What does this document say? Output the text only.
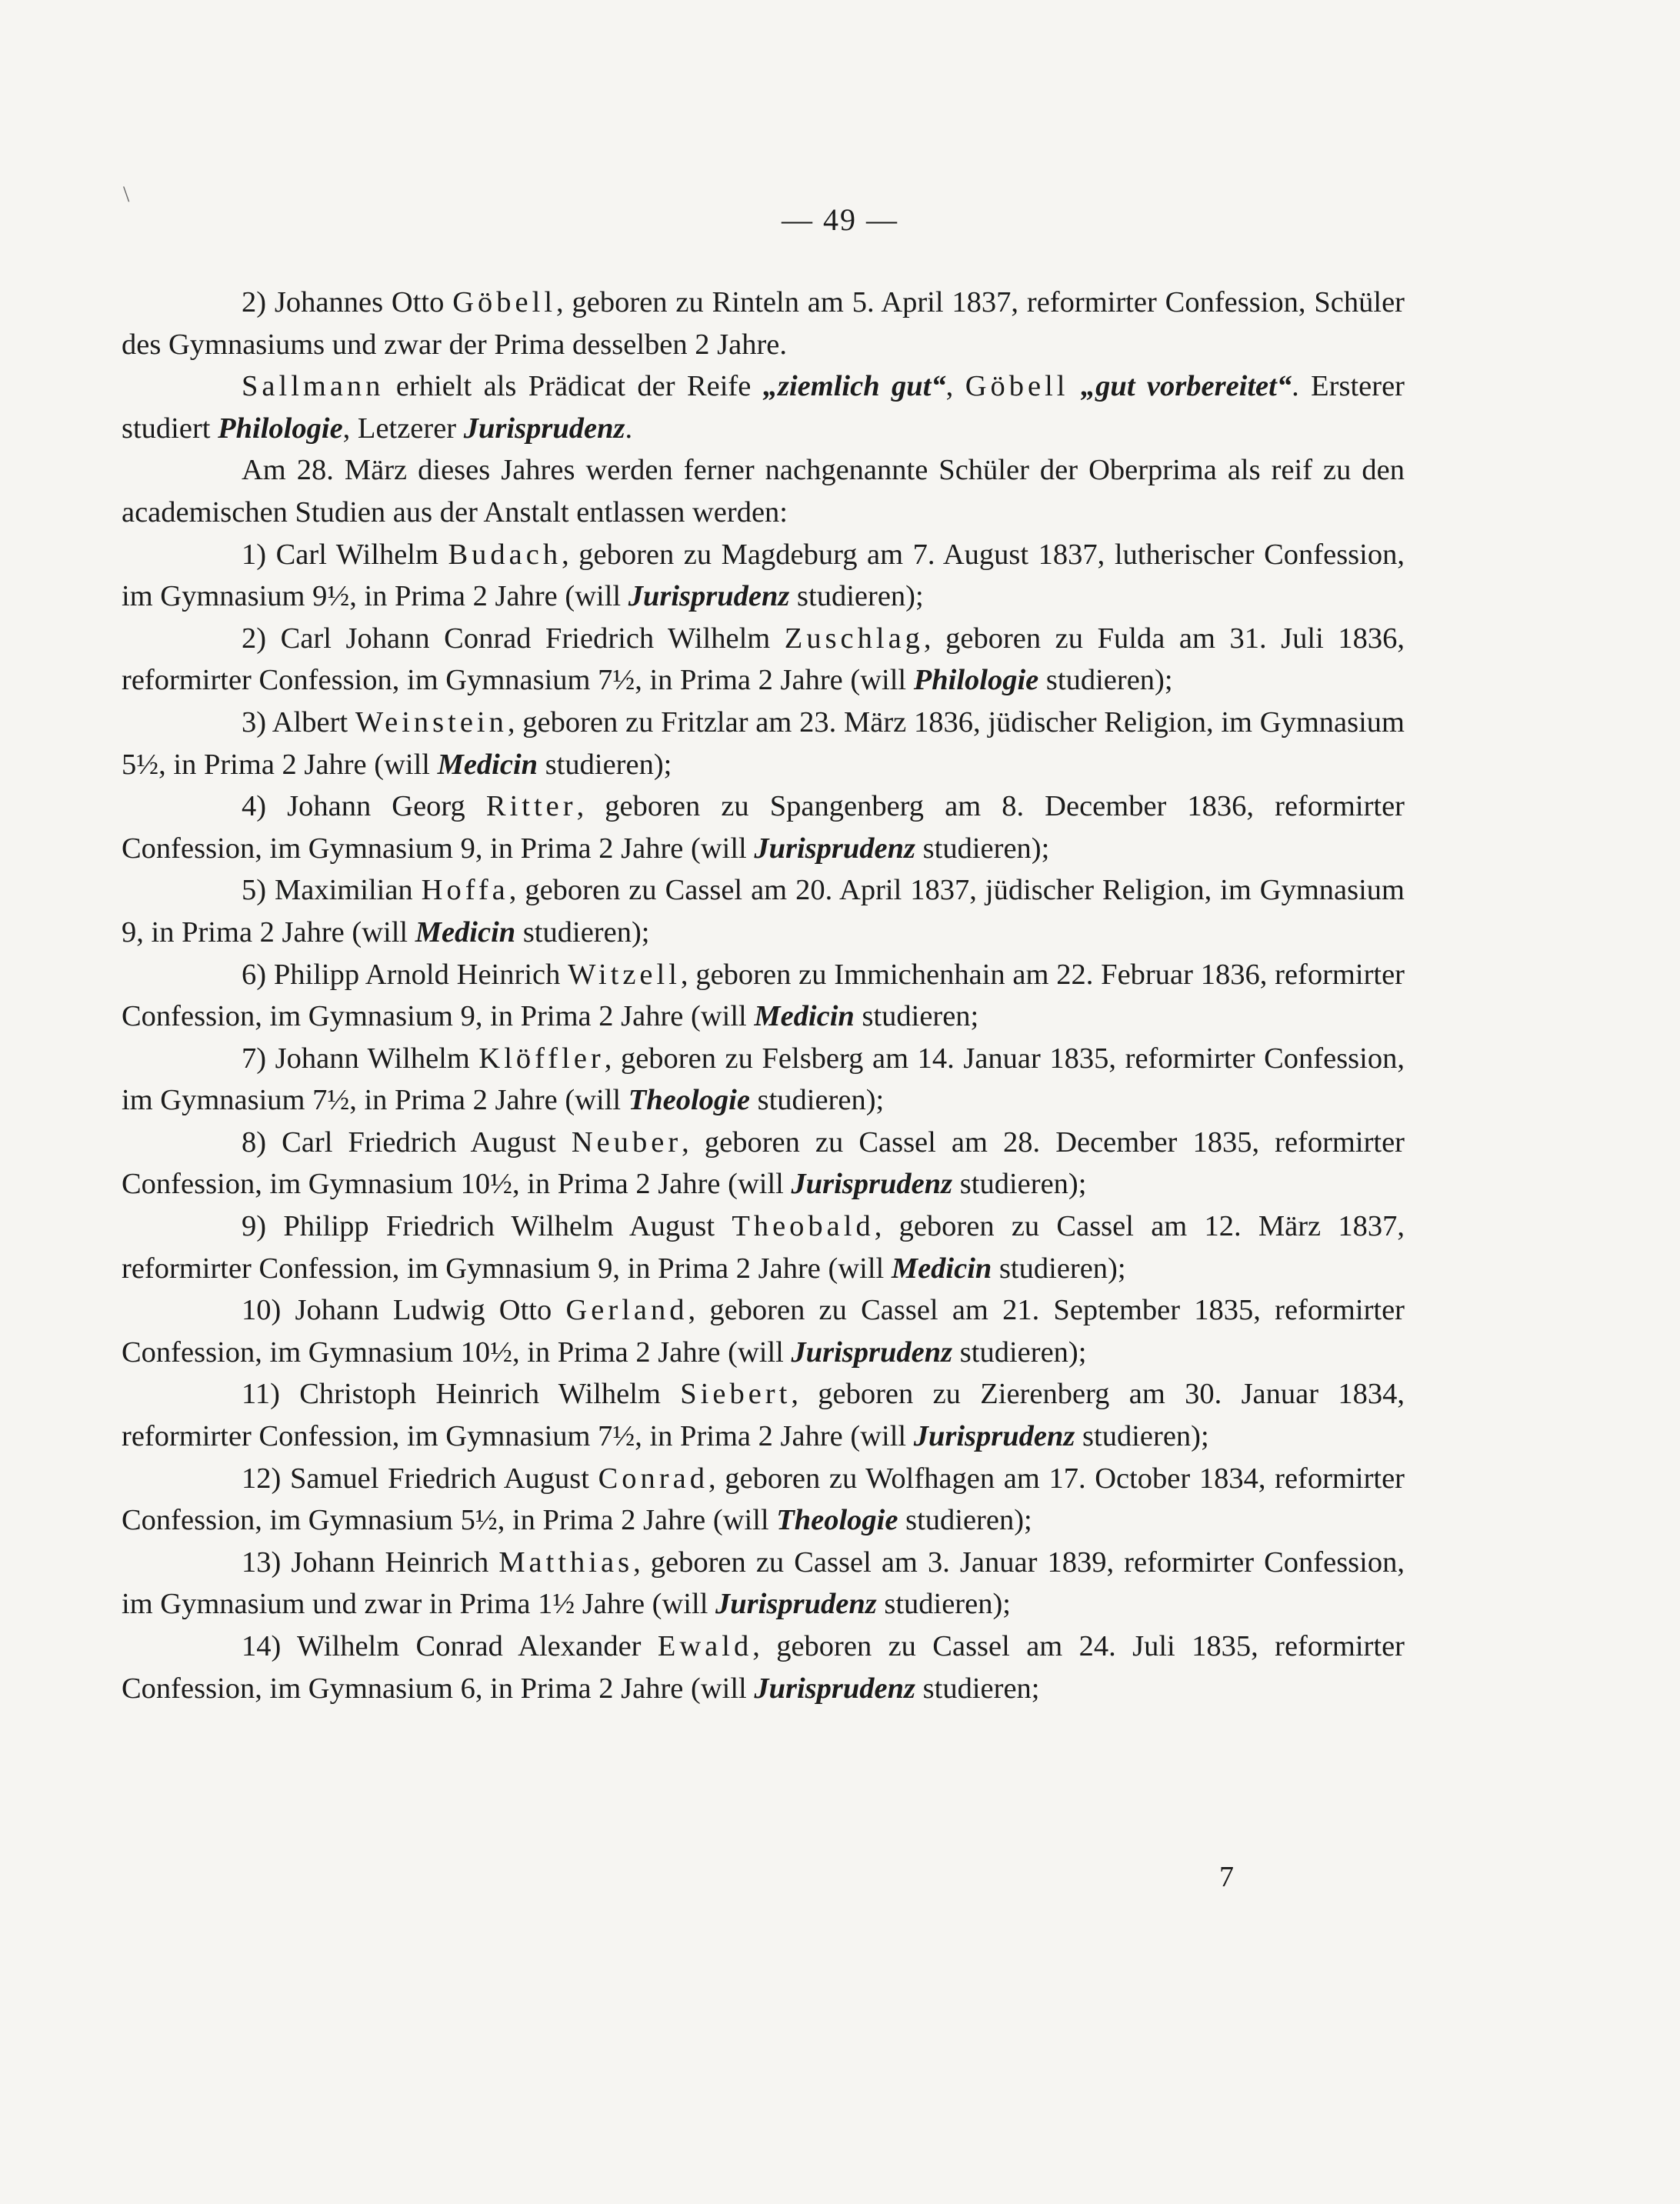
\
— 49 —

2) Johannes Otto Göbell, geboren zu Rinteln am 5. April 1837, reformirter Confession, Schüler des Gymnasiums und zwar der Prima desselben 2 Jahre.

Sallmann erhielt als Prädicat der Reife „ziemlich gut“, Göbell „gut vorbereitet“. Ersterer studiert Philologie, Letzerer Jurisprudenz.

Am 28. März dieses Jahres werden ferner nachgenannte Schüler der Oberprima als reif zu den academischen Studien aus der Anstalt entlassen werden:

1) Carl Wilhelm Budach, geboren zu Magdeburg am 7. August 1837, lutherischer Confession, im Gymnasium 9½, in Prima 2 Jahre (will Jurisprudenz studieren);

2) Carl Johann Conrad Friedrich Wilhelm Zuschlag, geboren zu Fulda am 31. Juli 1836, reformirter Confession, im Gymnasium 7½, in Prima 2 Jahre (will Philologie studieren);

3) Albert Weinstein, geboren zu Fritzlar am 23. März 1836, jüdischer Religion, im Gymnasium 5½, in Prima 2 Jahre (will Medicin studieren);

4) Johann Georg Ritter, geboren zu Spangenberg am 8. December 1836, reformirter Confession, im Gymnasium 9, in Prima 2 Jahre (will Jurisprudenz studieren);

5) Maximilian Hoffa, geboren zu Cassel am 20. April 1837, jüdischer Religion, im Gymnasium 9, in Prima 2 Jahre (will Medicin studieren);

6) Philipp Arnold Heinrich Witzell, geboren zu Immichenhain am 22. Februar 1836, reformirter Confession, im Gymnasium 9, in Prima 2 Jahre (will Medicin studieren;

7) Johann Wilhelm Klöffler, geboren zu Felsberg am 14. Januar 1835, reformirter Confession, im Gymnasium 7½, in Prima 2 Jahre (will Theologie studieren);

8) Carl Friedrich August Neuber, geboren zu Cassel am 28. December 1835, reformirter Confession, im Gymnasium 10½, in Prima 2 Jahre (will Jurisprudenz studieren);

9) Philipp Friedrich Wilhelm August Theobald, geboren zu Cassel am 12. März 1837, reformirter Confession, im Gymnasium 9, in Prima 2 Jahre (will Medicin studieren);

10) Johann Ludwig Otto Gerland, geboren zu Cassel am 21. September 1835, reformirter Confession, im Gymnasium 10½, in Prima 2 Jahre (will Jurisprudenz studieren);

11) Christoph Heinrich Wilhelm Siebert, geboren zu Zierenberg am 30. Januar 1834, reformirter Confession, im Gymnasium 7½, in Prima 2 Jahre (will Jurisprudenz studieren);

12) Samuel Friedrich August Conrad, geboren zu Wolfhagen am 17. October 1834, reformirter Confession, im Gymnasium 5½, in Prima 2 Jahre (will Theologie studieren);

13) Johann Heinrich Matthias, geboren zu Cassel am 3. Januar 1839, reformirter Confession, im Gymnasium und zwar in Prima 1½ Jahre (will Jurisprudenz studieren);

14) Wilhelm Conrad Alexander Ewald, geboren zu Cassel am 24. Juli 1835, reformirter Confession, im Gymnasium 6, in Prima 2 Jahre (will Jurisprudenz studieren;

7
